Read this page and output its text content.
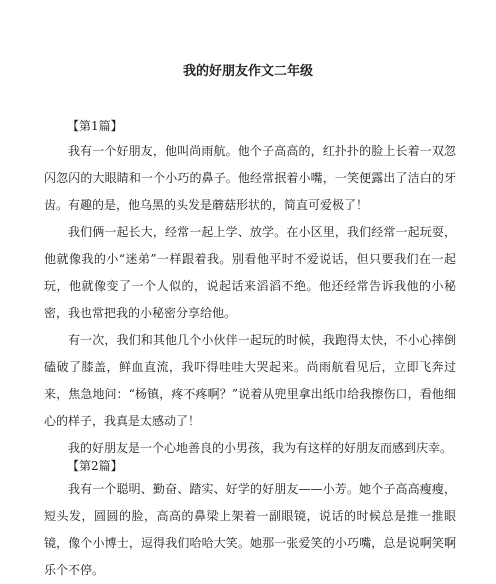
我的好朋友作文二年级
【第1篇】

我有一个好朋友，他叫尚雨航。他个子高高的，红扑扑的脸上长着一双忽闪忽闪的大眼睛和一个小巧的鼻子。他经常抿着小嘴，一笑便露出了洁白的牙齿。有趣的是，他乌黑的头发是蘑菇形状的，简直可爱极了！

我们俩一起长大，经常一起上学、放学。在小区里，我们经常一起玩耍，他就像我的小“迷弟”一样跟着我。别看他平时不爱说话，但只要我们在一起玩，他就像变了一个人似的，说起话来滔滔不绝。他还经常告诉我他的小秘密，我也常把我的小秘密分享给他。

有一次，我们和其他几个小伙伴一起玩的时候，我跑得太快，不小心摔倒磕破了膝盖，鲜血直流，我吓得哇哇大哭起来。尚雨航看见后，立即飞奔过来，焦急地问：“杨镇，疼不疼啊？”说着从兜里拿出纸巾给我擦伤口，看他细心的样子，我真是太感动了！

我的好朋友是一个心地善良的小男孩，我为有这样的好朋友而感到庆幸。

【第2篇】

我有一个聪明、勤奋、踏实、好学的好朋友——小芳。她个子高高瘦瘦，短头发，圆圆的脸，高高的鼻梁上架着一副眼镜，说话的时候总是推一推眼镜，像个小博士，逗得我们哈哈大笑。她那一张爱笑的小巧嘴，总是说啊笑啊乐个不停。
